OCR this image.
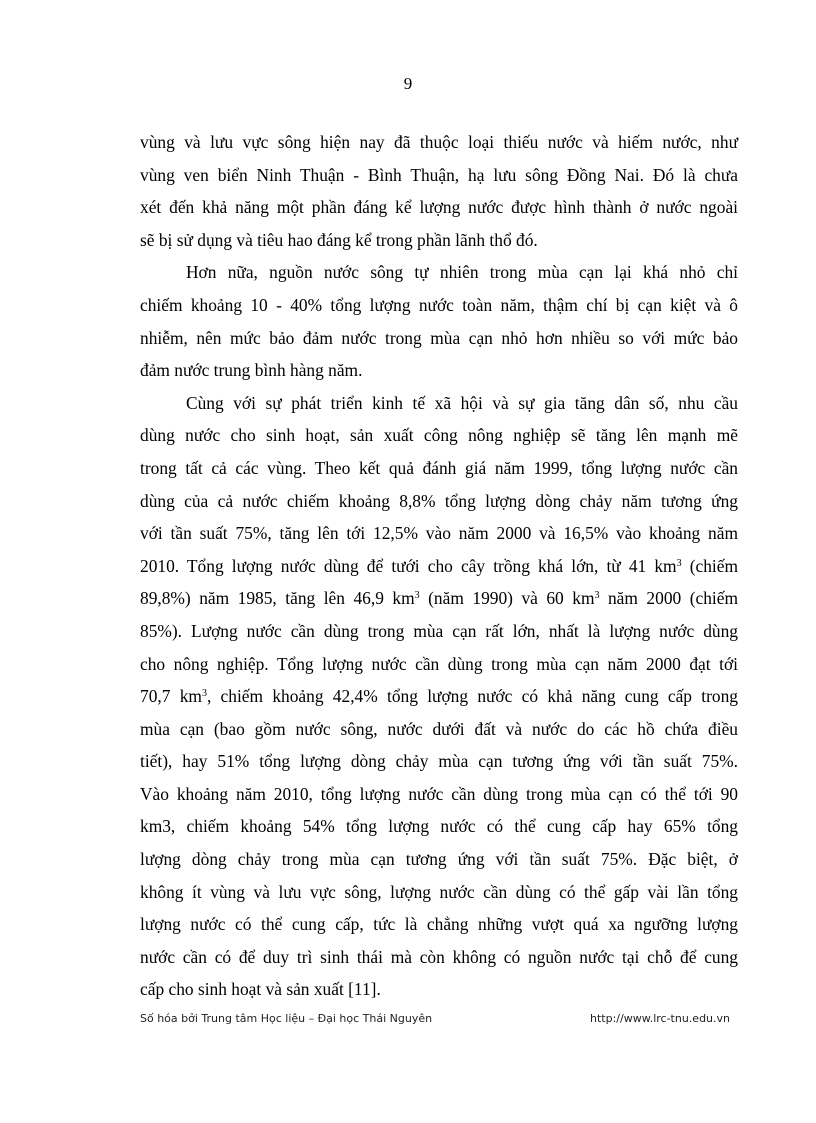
9
vùng và lưu vực sông hiện nay đã thuộc loại thiếu nước và hiếm nước, như
vùng ven biển Ninh Thuận - Bình Thuận, hạ lưu sông Đồng Nai. Đó là chưa
xét đến khả năng một phần đáng kể lượng nước được hình thành ở nước ngoài
sẽ bị sử dụng và tiêu hao đáng kể trong phần lãnh thổ đó.
Hơn nữa, nguồn nước sông tự nhiên trong mùa cạn lại khá nhỏ chỉ
chiếm khoảng 10 - 40% tổng lượng nước toàn năm, thậm chí bị cạn kiệt và ô
nhiễm, nên mức bảo đảm nước trong mùa cạn nhỏ hơn nhiều so với mức bảo
đảm nước trung bình hàng năm.
Cùng với sự phát triển kinh tế xã hội và sự gia tăng dân số, nhu cầu
dùng nước cho sinh hoạt, sản xuất công nông nghiệp sẽ tăng lên mạnh mẽ
trong tất cả các vùng. Theo kết quả đánh giá năm 1999, tổng lượng nước cần
dùng của cả nước chiếm khoảng 8,8% tổng lượng dòng chảy năm tương ứng
với tần suất 75%, tăng lên tới 12,5% vào năm 2000 và 16,5% vào khoảng năm
2010. Tổng lượng nước dùng để tưới cho cây trồng khá lớn, từ 41 $km^3$ (chiếm
89,8%) năm 1985, tăng lên 46,9 $km^3$ (năm 1990) và 60 $km^3$ năm 2000 (chiếm
85%). Lượng nước cần dùng trong mùa cạn rất lớn, nhất là lượng nước dùng
cho nông nghiệp. Tổng lượng nước cần dùng trong mùa cạn năm 2000 đạt tới
70,7 $km^3$, chiếm khoảng 42,4% tổng lượng nước có khả năng cung cấp trong
mùa cạn (bao gồm nước sông, nước dưới đất và nước do các hồ chứa điều
tiết), hay 51% tổng lượng dòng chảy mùa cạn tương ứng với tần suất 75%.
Vào khoảng năm 2010, tổng lượng nước cần dùng trong mùa cạn có thể tới 90
km3, chiếm khoảng 54% tổng lượng nước có thể cung cấp hay 65% tổng
lượng dòng chảy trong mùa cạn tương ứng với tần suất 75%. Đặc biệt, ở
không ít vùng và lưu vực sông, lượng nước cần dùng có thể gấp vài lần tổng
lượng nước có thể cung cấp, tức là chẳng những vượt quá xa ngưỡng lượng
nước cần có để duy trì sinh thái mà còn không có nguồn nước tại chỗ để cung
cấp cho sinh hoạt và sản xuất [11].
Số hóa bởi Trung tâm Học liệu – Đại học Thái Nguyên	http://www.lrc-tnu.edu.vn
